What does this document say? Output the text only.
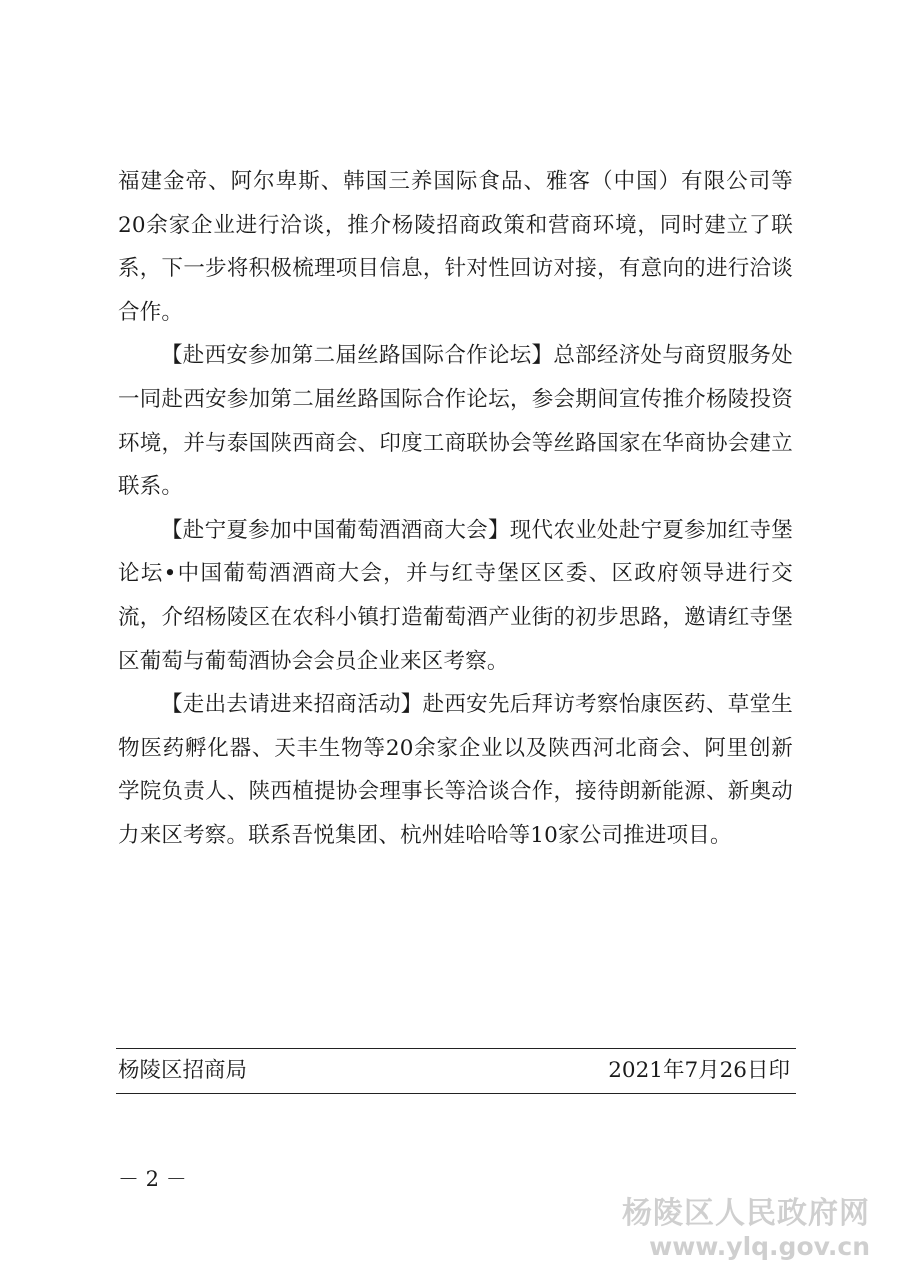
福建金帝、阿尔卑斯、韩国三养国际食品、雅客（中国）有限公司等20余家企业进行洽谈，推介杨陵招商政策和营商环境，同时建立了联系，下一步将积极梳理项目信息，针对性回访对接，有意向的进行洽谈合作。

【赴西安参加第二届丝路国际合作论坛】总部经济处与商贸服务处一同赴西安参加第二届丝路国际合作论坛，参会期间宣传推介杨陵投资环境，并与泰国陕西商会、印度工商联协会等丝路国家在华商协会建立联系。

【赴宁夏参加中国葡萄酒酒商大会】现代农业处赴宁夏参加红寺堡论坛•中国葡萄酒酒商大会，并与红寺堡区区委、区政府领导进行交流，介绍杨陵区在农科小镇打造葡萄酒产业街的初步思路，邀请红寺堡区葡萄与葡萄酒协会会员企业来区考察。

【走出去请进来招商活动】赴西安先后拜访考察怡康医药、草堂生物医药孵化器、天丰生物等20余家企业以及陕西河北商会、阿里创新学院负责人、陕西植提协会理事长等洽谈合作，接待朗新能源、新奥动力来区考察。联系吾悦集团、杭州娃哈哈等10家公司推进项目。

杨陵区招商局	2021年7月26日印
－ 2 －
杨陵区人民政府网
www.ylq.gov.cn
